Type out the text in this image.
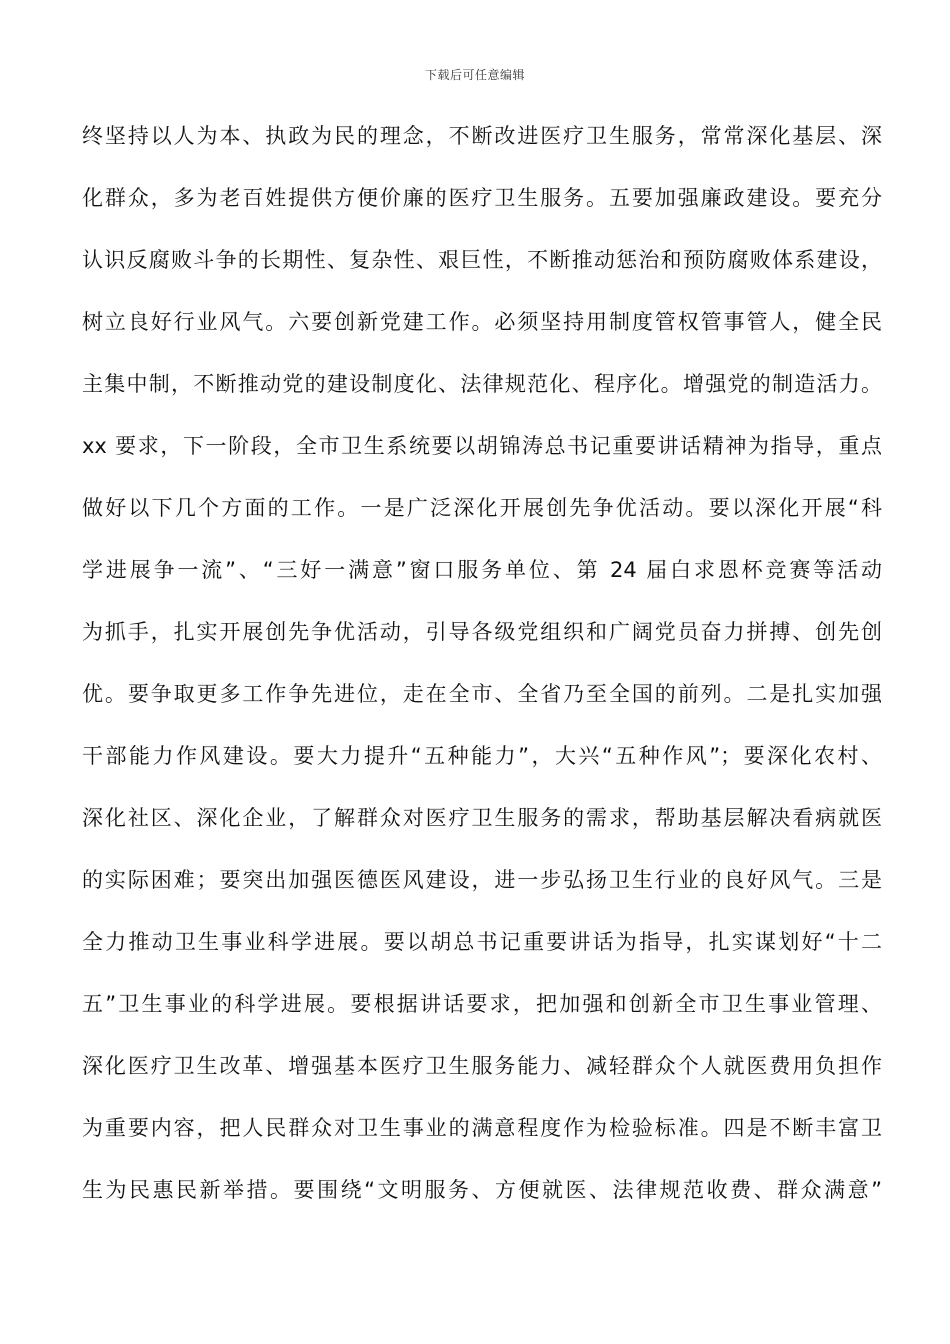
下载后可任意编辑
终坚持以人为本、执政为民的理念，不断改进医疗卫生服务，常常深化基层、深
化群众，多为老百姓提供方便价廉的医疗卫生服务。五要加强廉政建设。要充分
认识反腐败斗争的长期性、复杂性、艰巨性，不断推动惩治和预防腐败体系建设，
树立良好行业风气。六要创新党建工作。必须坚持用制度管权管事管人，健全民
主集中制，不断推动党的建设制度化、法律规范化、程序化。增强党的制造活力。
xx 要求，下一阶段，全市卫生系统要以胡锦涛总书记重要讲话精神为指导，重点
做好以下几个方面的工作。一是广泛深化开展创先争优活动。要以深化开展“科
学进展争一流”、“三好一满意”窗口服务单位、第 24 届白求恩杯竞赛等活动
为抓手，扎实开展创先争优活动，引导各级党组织和广阔党员奋力拼搏、创先创
优。要争取更多工作争先进位，走在全市、全省乃至全国的前列。二是扎实加强
干部能力作风建设。要大力提升“五种能力”，大兴“五种作风”；要深化农村、
深化社区、深化企业，了解群众对医疗卫生服务的需求，帮助基层解决看病就医
的实际困难；要突出加强医德医风建设，进一步弘扬卫生行业的良好风气。三是
全力推动卫生事业科学进展。要以胡总书记重要讲话为指导，扎实谋划好“十二
五”卫生事业的科学进展。要根据讲话要求，把加强和创新全市卫生事业管理、
深化医疗卫生改革、增强基本医疗卫生服务能力、减轻群众个人就医费用负担作
为重要内容，把人民群众对卫生事业的满意程度作为检验标准。四是不断丰富卫
生为民惠民新举措。要围绕“文明服务、方便就医、法律规范收费、群众满意”
